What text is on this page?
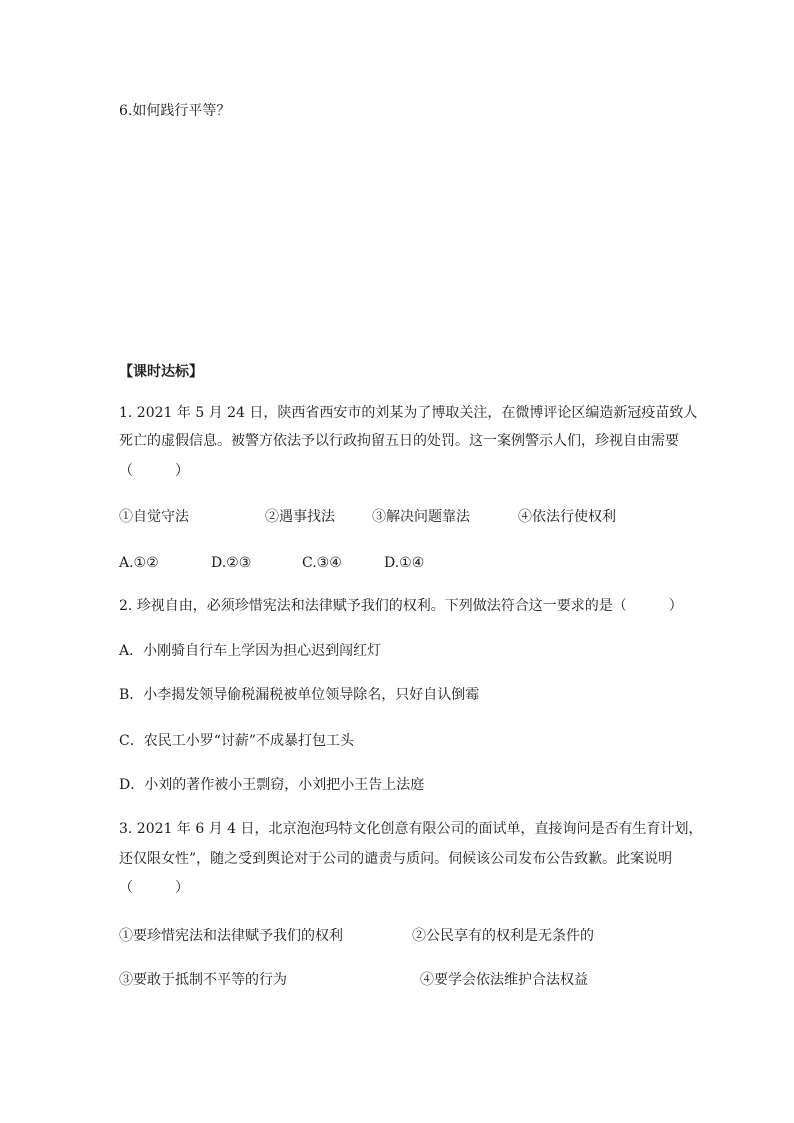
6.如何践行平等？
【课时达标】
1. 2021 年 5 月 24 日，陕西省西安市的刘某为了博取关注，在微博评论区编造新冠疫苗致人
死亡的虚假信息。被警方依法予以行政拘留五日的处罚。这一案例警示人们，珍视自由需要
（　　　）
①自觉守法	②遇事找法	③解决问题靠法	④依法行使权利
A.①②	D.②③	C.③④	D.①④
2. 珍视自由，必须珍惜宪法和法律赋予我们的权利。下列做法符合这一要求的是（　　　）
A．小刚骑自行车上学因为担心迟到闯红灯
B．小李揭发领导偷税漏税被单位领导除名，只好自认倒霉
C．农民工小罗“讨薪”不成暴打包工头
D．小刘的著作被小王剽窃，小刘把小王告上法庭
3. 2021 年 6 月 4 日，北京泡泡玛特文化创意有限公司的面试单，直接询问是否有生育计划，
还仅限女性”，随之受到舆论对于公司的谴责与质问。伺候该公司发布公告致歉。此案说明
（　　　）
①要珍惜宪法和法律赋予我们的权利	②公民享有的权利是无条件的
③要敢于抵制不平等的行为	④要学会依法维护合法权益
